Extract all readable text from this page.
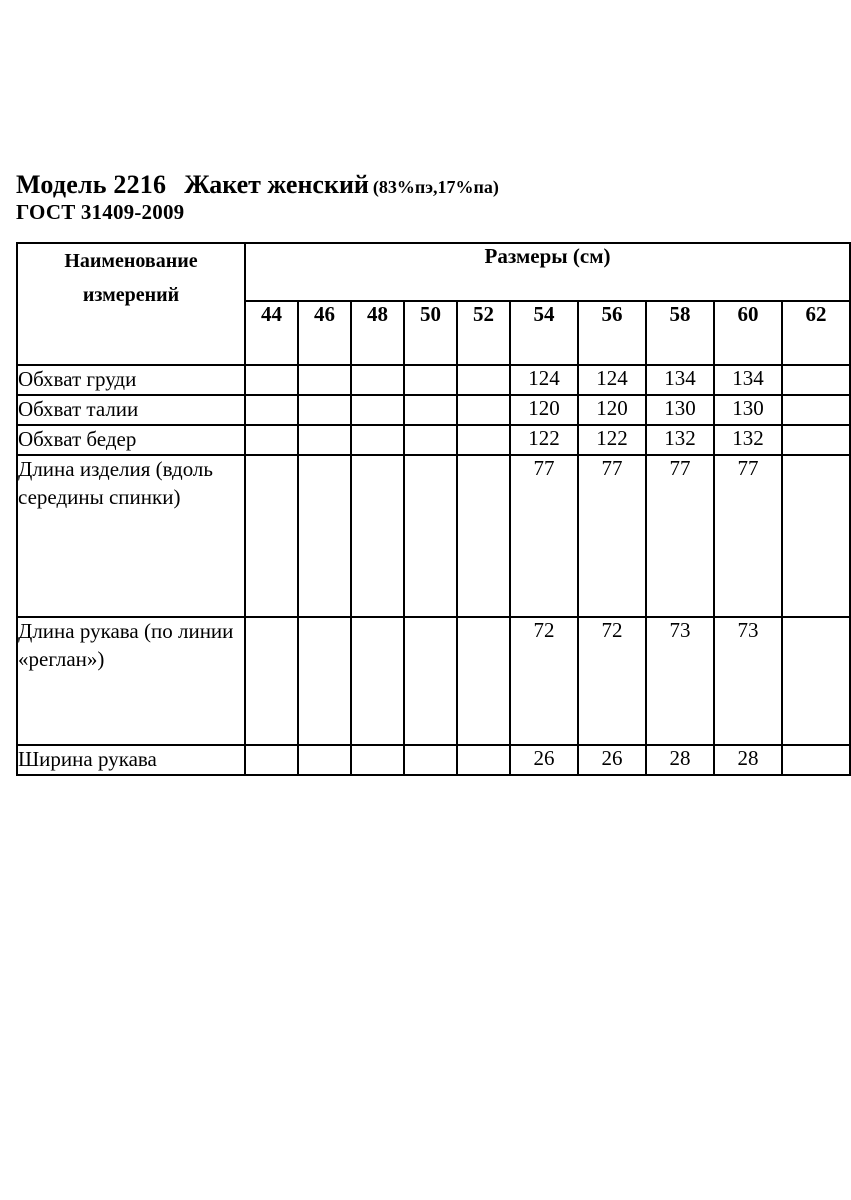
Модель 2216 Жакет женский (83%пэ,17%па)
ГОСТ 31409-2009
Наименование
измерений	Размеры (см)									
	44	46	48	50	52	54	56	58	60	62
Обхват груди						124	124	134	134	
Обхват талии						120	120	130	130	
Обхват бедер						122	122	132	132	
Длина изделия (вдоль середины спинки)						77	77	77	77	
Длина рукава (по линии «реглан»)						72	72	73	73	
Ширина рукава						26	26	28	28	
